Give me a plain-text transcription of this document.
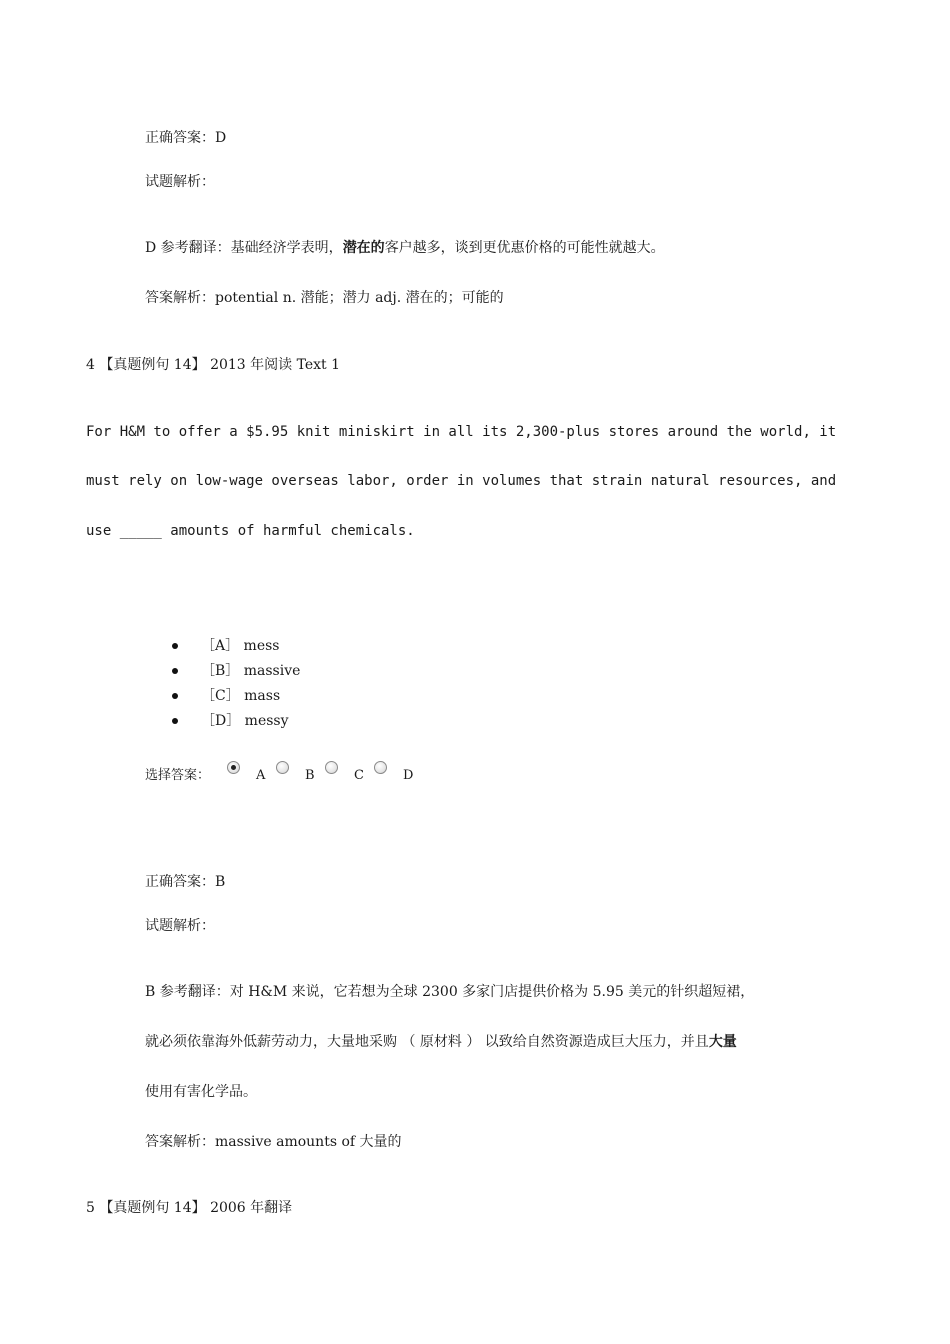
正确答案：D
试题解析：
D 参考翻译：基础经济学表明，潜在的客户越多，谈到更优惠价格的可能性就越大。
答案解析：potential n. 潜能；潜力 adj. 潜在的；可能的
4 【真题例句 14】 2013 年阅读 Text 1
For H&M to offer a $5.95 knit miniskirt in all its 2,300-plus stores around the world, it
must rely on low-wage overseas labor, order in volumes that strain natural resources, and
use _____ amounts of harmful chemicals.
［A］ mess
［B］ massive
［C］ mass
［D］ messy
选择答案：	A	B	C	D
正确答案：B
试题解析：
B 参考翻译：对 H&M 来说，它若想为全球 2300 多家门店提供价格为 5.95 美元的针织超短裙，
就必须依靠海外低薪劳动力，大量地采购 （ 原材料 ） 以致给自然资源造成巨大压力，并且大量
使用有害化学品。
答案解析：massive amounts of 大量的
5 【真题例句 14】 2006 年翻译
